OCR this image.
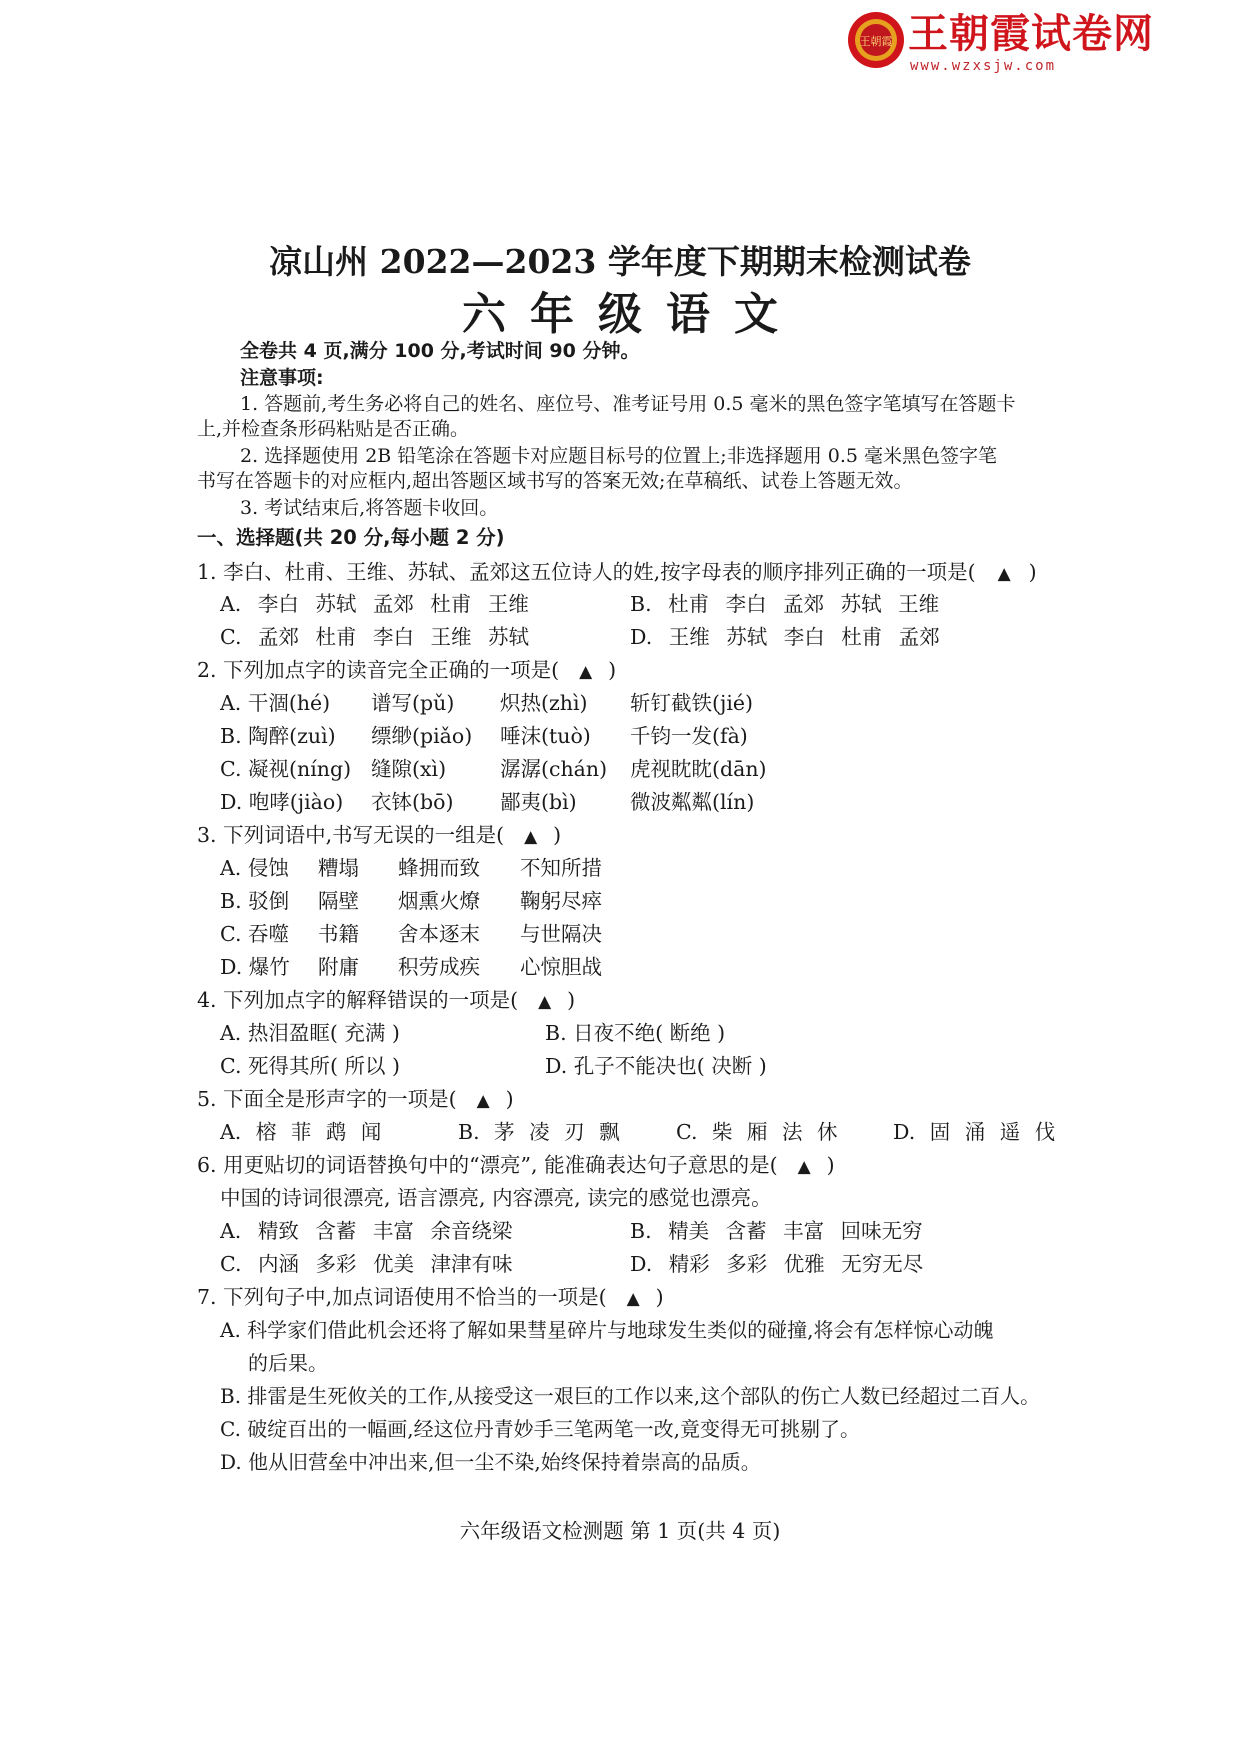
王朝霞 王朝霞试卷网
www.wzxsjw.com
凉山州 2022—2023 学年度下期期末检测试卷
六年级语文
全卷共 4 页,满分 100 分,考试时间 90 分钟。
注意事项:
1. 答题前,考生务必将自己的姓名、座位号、准考证号用 0.5 毫米的黑色签字笔填写在答题卡
上,并检查条形码粘贴是否正确。
2. 选择题使用 2B 铅笔涂在答题卡对应题目标号的位置上;非选择题用 0.5 毫米黑色签字笔
书写在答题卡的对应框内,超出答题区域书写的答案无效;在草稿纸、试卷上答题无效。
3. 考试结束后,将答题卡收回。
一、选择题(共 20 分,每小题 2 分)
1. 李白、杜甫、王维、苏轼、孟郊这五位诗人的姓,按字母表的顺序排列正确的一项是( ▲ )
A. 李白 苏轼 孟郊 杜甫 王维	B. 杜甫 李白 孟郊 苏轼 王维
C. 孟郊 杜甫 李白 王维 苏轼	D. 王维 苏轼 李白 杜甫 孟郊
2. 下列加点字的读音完全正确的一项是( ▲ )
A. 干涸(hé) 谱写(pǔ) 炽热(zhì) 斩钉截铁(jié)
B. 陶醉(zuì) 缥缈(piǎo) 唾沫(tuò) 千钧一发(fà)
C. 凝视(níng) 缝隙(xì)	潺潺(chán) 虎视眈眈(dān)
D. 咆哮(jiào) 衣钵(bō) 鄙夷(bì)	微波粼粼(lín)
3. 下列词语中,书写无误的一组是( ▲ )
A. 侵蚀 糟塌 蜂拥而致 不知所措
B. 驳倒 隔壁 烟熏火燎 鞠躬尽瘁
C. 吞噬 书籍 舍本逐末 与世隔决
D. 爆竹 附庸 积劳成疾 心惊胆战
4. 下列加点字的解释错误的一项是( ▲ )
A. 热泪盈眶( 充满 )	B. 日夜不绝( 断绝 )
C. 死得其所( 所以 )	D. 孔子不能决也( 决断 )
5. 下面全是形声字的一项是( ▲ )
A. 榕 菲 鹉 闻	B. 茅 凌 刃 飘	C. 柴 厢 法 休	D. 固 涌 遥 伐
6. 用更贴切的词语替换句中的“漂亮”, 能准确表达句子意思的是( ▲ )
中国的诗词很漂亮, 语言漂亮, 内容漂亮, 读完的感觉也漂亮。
A. 精致 含蓄 丰富 余音绕梁	B. 精美 含蓄 丰富 回味无穷
C. 内涵 多彩 优美 津津有味	D. 精彩 多彩 优雅 无穷无尽
7. 下列句子中,加点词语使用不恰当的一项是( ▲ )
A. 科学家们借此机会还将了解如果彗星碎片与地球发生类似的碰撞,将会有怎样惊心动魄
的后果。
B. 排雷是生死攸关的工作,从接受这一艰巨的工作以来,这个部队的伤亡人数已经超过二百人。
C. 破绽百出的一幅画,经这位丹青妙手三笔两笔一改,竟变得无可挑剔了。
D. 他从旧营垒中冲出来,但一尘不染,始终保持着崇高的品质。
六年级语文检测题 第 1 页(共 4 页)
